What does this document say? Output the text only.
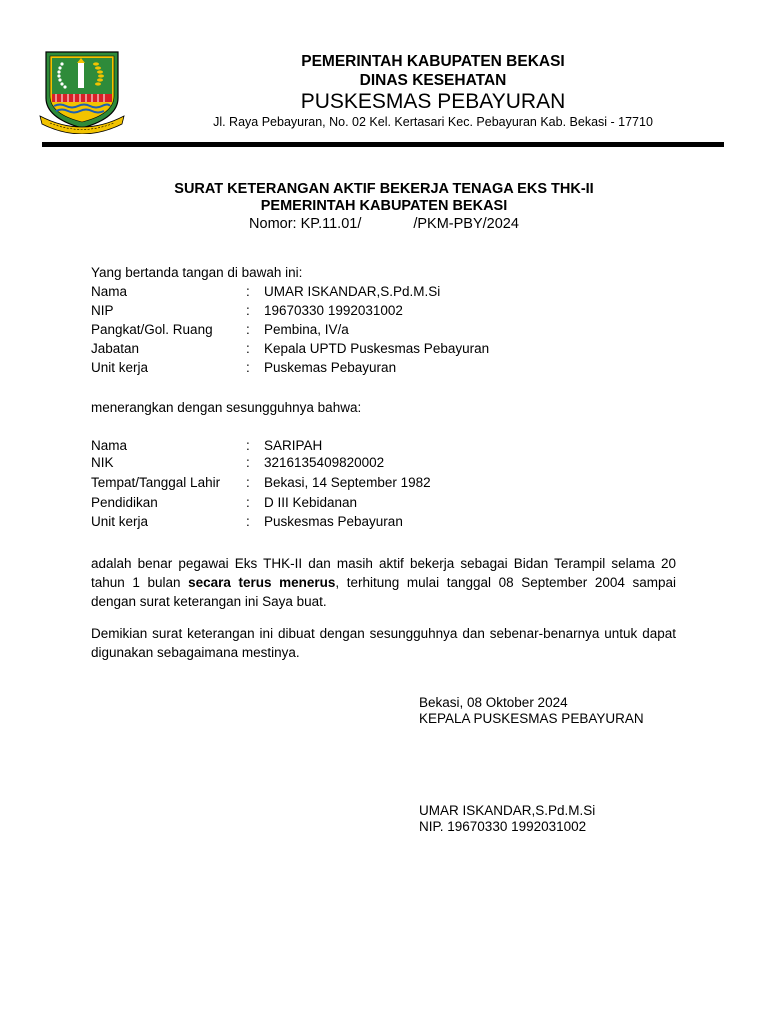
PEMERINTAH KABUPATEN BEKASI
DINAS KESEHATAN
PUSKESMAS PEBAYURAN
Jl. Raya Pebayuran, No. 02 Kel. Kertasari Kec. Pebayuran Kab. Bekasi - 17710
SURAT KETERANGAN AKTIF BEKERJA TENAGA EKS THK-II
PEMERINTAH KABUPATEN BEKASI
Nomor: KP.11.01/	/PKM-PBY/2024
Yang bertanda tangan di bawah ini:
Nama	: UMAR ISKANDAR,S.Pd.M.Si
NIP	: 19670330 1992031002
Pangkat/Gol. Ruang : Pembina, IV/a
Jabatan	: Kepala UPTD Puskesmas Pebayuran
Unit kerja	: Puskemas Pebayuran
menerangkan dengan sesungguhnya bahwa:
Nama	: SARIPAH
NIK	: 3216135409820002
Tempat/Tanggal Lahir : Bekasi, 14 September 1982
Pendidikan	: D III Kebidanan
Unit kerja	: Puskesmas Pebayuran
adalah benar pegawai Eks THK-II dan masih aktif bekerja sebagai Bidan Terampil selama 20 tahun 1 bulan secara terus menerus, terhitung mulai tanggal 08 September 2004 sampai dengan surat keterangan ini Saya buat.
Demikian surat keterangan ini dibuat dengan sesungguhnya dan sebenar-benarnya untuk dapat digunakan sebagaimana mestinya.
Bekasi, 08 Oktober 2024
KEPALA PUSKESMAS PEBAYURAN
UMAR ISKANDAR,S.Pd.M.Si
NIP. 19670330 1992031002
